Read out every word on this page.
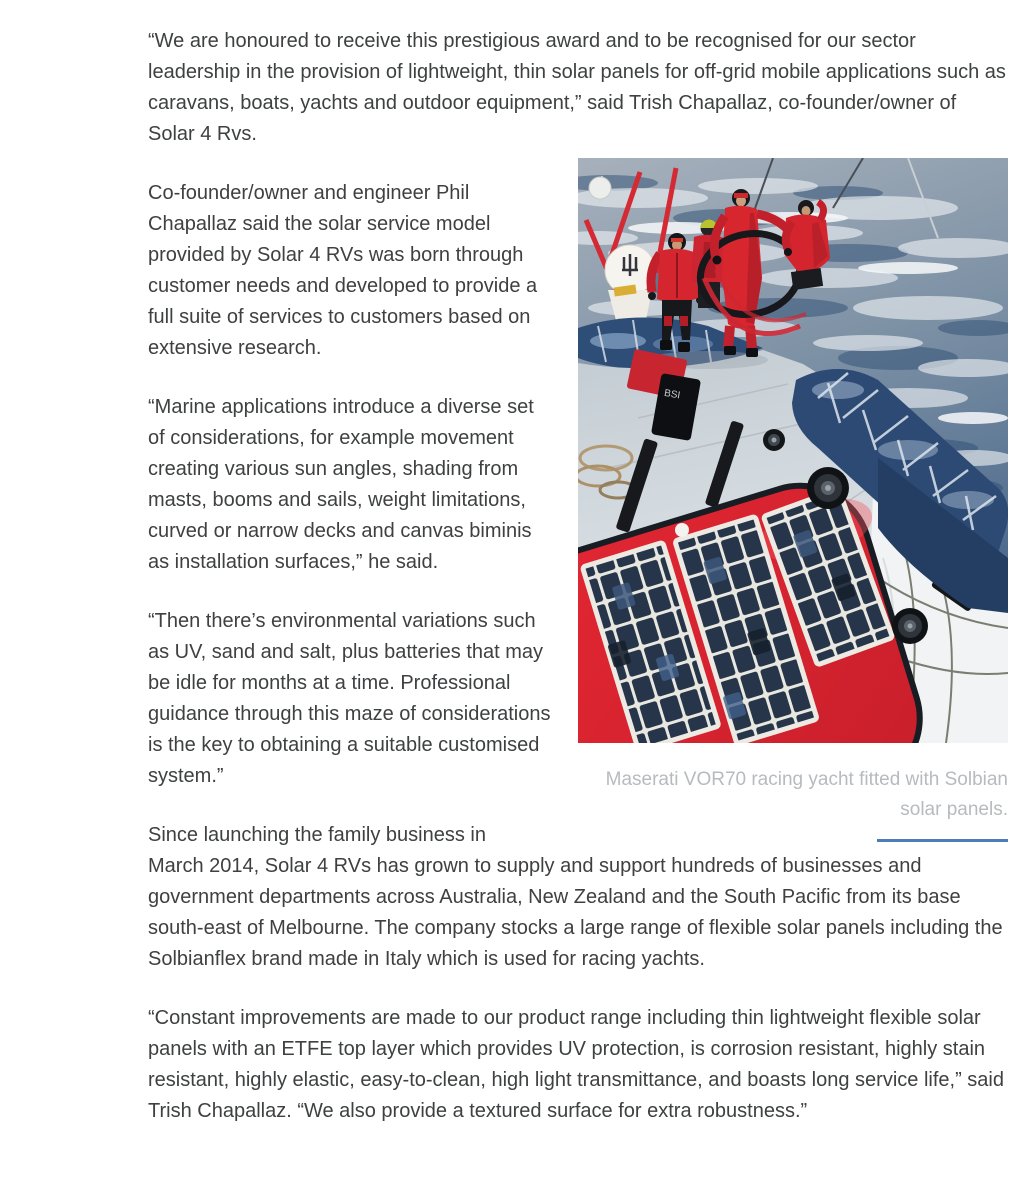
“We are honoured to receive this prestigious award and to be recognised for our sector leadership in the provision of lightweight, thin solar panels for off-grid mobile applications such as caravans, boats, yachts and outdoor equipment,” said Trish Chapallaz, co-founder/owner of Solar 4 Rvs.

BSI
Maserati VOR70 racing yacht fitted with Solbian solar panels.

Co-founder/owner and engineer Phil Chapallaz said the solar service model provided by Solar 4 RVs was born through customer needs and developed to provide a full suite of services to customers based on extensive research.

“Marine applications introduce a diverse set of considerations, for example movement creating various sun angles, shading from masts, booms and sails, weight limitations, curved or narrow decks and canvas biminis as installation surfaces,” he said.

“Then there’s environmental variations such as UV, sand and salt, plus batteries that may be idle for months at a time. Professional guidance through this maze of considerations is the key to obtaining a suitable customised system.”

Since launching the family business in
March 2014, Solar 4 RVs has grown to supply and support hundreds of businesses and government departments across Australia, New Zealand and the South Pacific from its base south-east of Melbourne. The company stocks a large range of flexible solar panels including the Solbianflex brand made in Italy which is used for racing yachts.

“Constant improvements are made to our product range including thin lightweight flexible solar panels with an ETFE top layer which provides UV protection, is corrosion resistant, highly stain resistant, highly elastic, easy-to-clean, high light transmittance, and boasts long service life,” said Trish Chapallaz. “We also provide a textured surface for extra robustness.”
